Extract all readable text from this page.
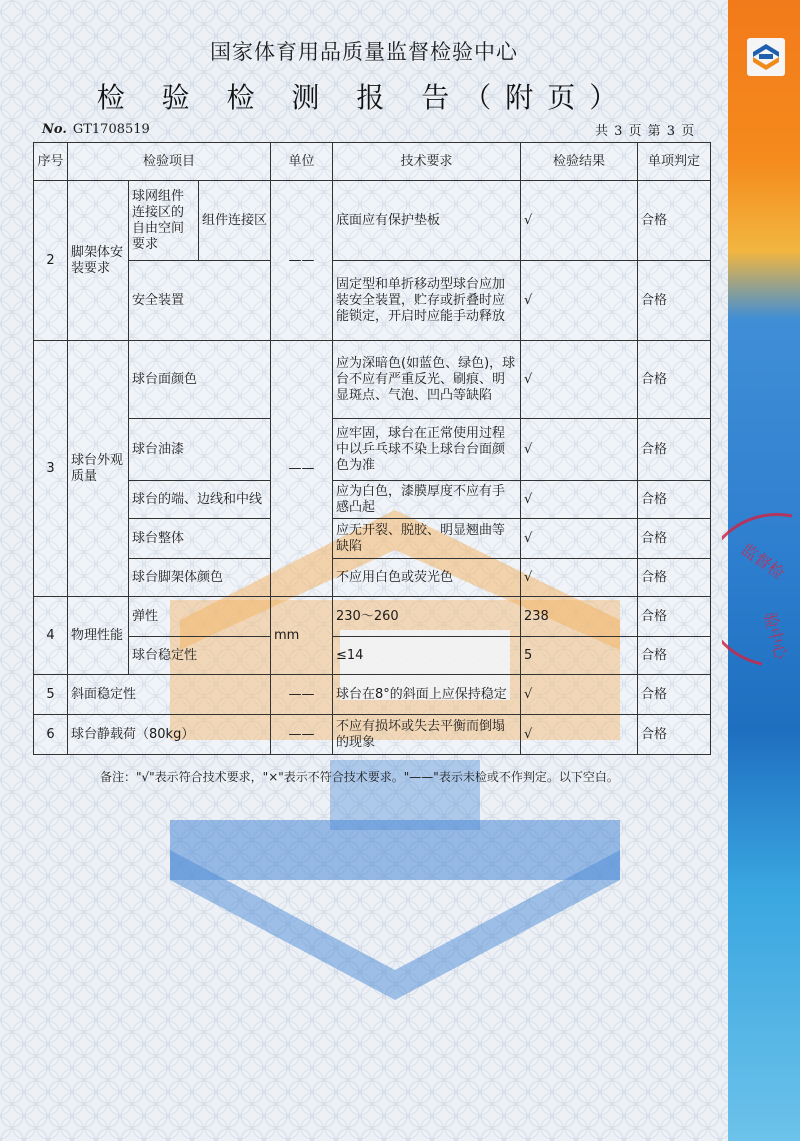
监督检
验中心
国家体育用品质量监督检验中心
检 验 检 测 报 告（附页）
No. GT1708519	共 3 页 第 3 页
序号	检验项目			单位	技术要求	检验结果	单项判定
2	脚架体安装要求	球网组件连接区的自由空间要求	组件连接区	——	底面应有保护垫板	√	合格
		安全装置			固定型和单折移动型球台应加装安全装置，贮存或折叠时应能锁定，开启时应能手动释放	√	合格
3	球台外观质量	球台面颜色		——	应为深暗色(如蓝色、绿色)，球台不应有严重反光、刷痕、明显斑点、气泡、凹凸等缺陷	√	合格
		球台油漆			应牢固，球台在正常使用过程中以乒乓球不染上球台台面颜色为准	√	合格
		球台的端、边线和中线			应为白色，漆膜厚度不应有手感凸起	√	合格
		球台整体			应无开裂、脱胶、明显翘曲等缺陷	√	合格
		球台脚架体颜色			不应用白色或荧光色	√	合格
4	物理性能	弹性		mm	230～260	238	合格
		球台稳定性			≤14	5	合格
5	斜面稳定性			——	球台在8°的斜面上应保持稳定	√	合格
6	球台静载荷（80kg）			——	不应有损坏或失去平衡而倒塌的现象	√	合格
备注："√"表示符合技术要求，"×"表示不符合技术要求。"——"表示未检或不作判定。以下空白。
